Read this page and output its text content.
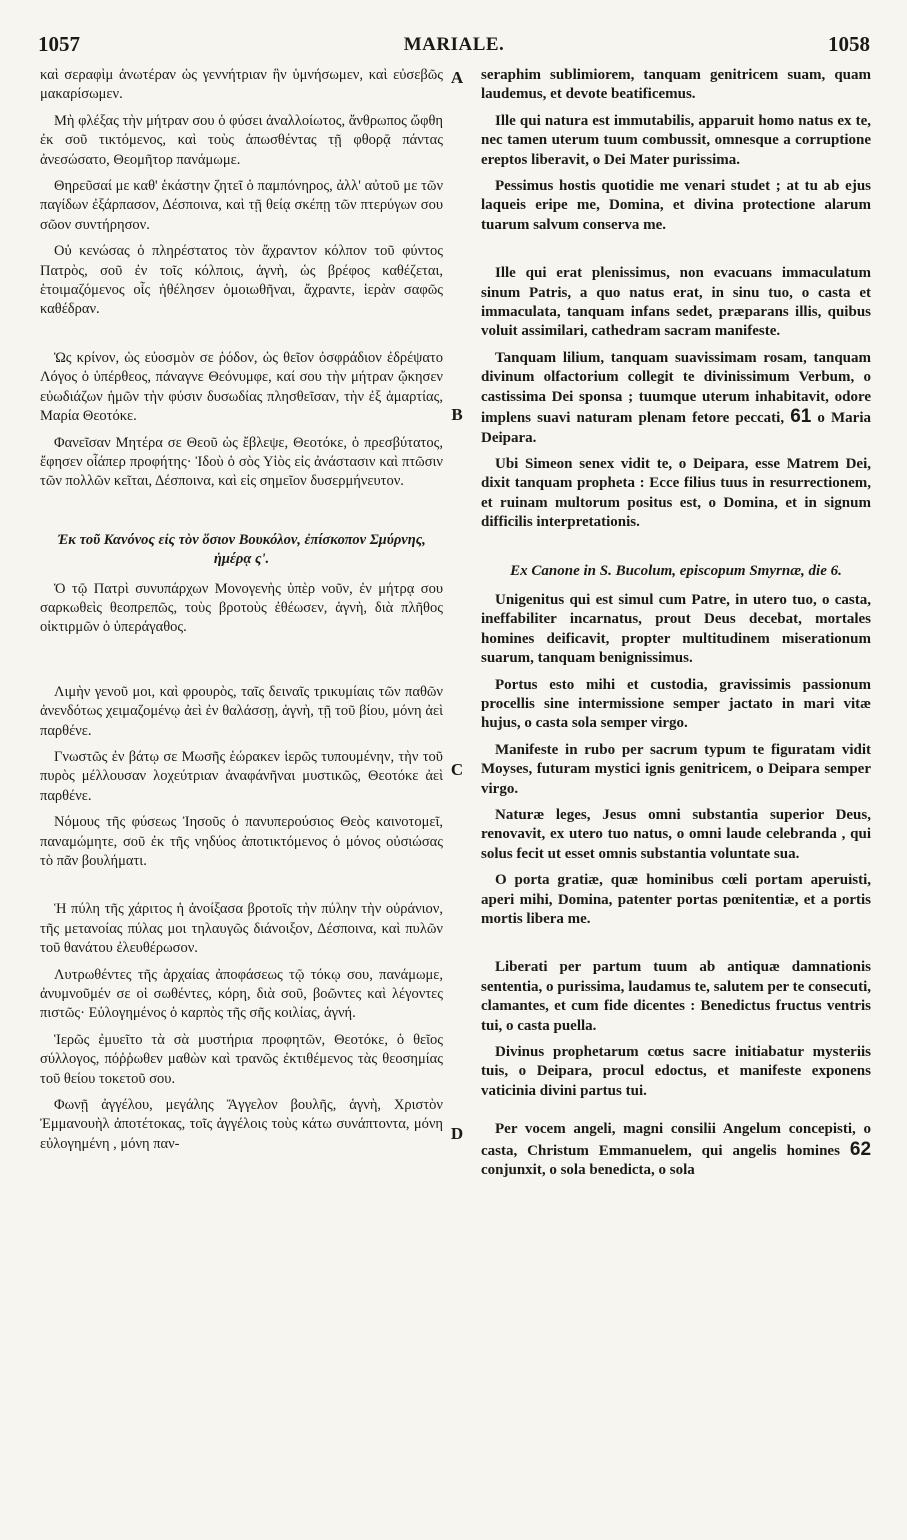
1057	MARIALE.	1058
A
B
C
D

καὶ σεραφὶμ ἀνωτέραν ὡς γεννήτριαν ἣν ὑμνήσωμεν, καὶ εὐσεβῶς μακαρίσωμεν.

Μὴ φλέξας τὴν μήτραν σου ὁ φύσει ἀναλλοίωτος, ἄνθρωπος ὤφθη ἐκ σοῦ τικτόμενος, καὶ τοὺς ἀπωσθέντας τῇ φθορᾷ πάντας ἀνεσώσατο, Θεομῆτορ πανάμωμε.

Θηρεῦσαί με καθ' ἑκάστην ζητεῖ ὁ παμπόνηρος, ἀλλ' αὐτοῦ με τῶν παγίδων ἐξάρπασον, Δέσποινα, καὶ τῇ θείᾳ σκέπῃ τῶν πτερύγων σου σῶον συντήρησον.

Οὐ κενώσας ὁ πληρέστατος τὸν ἄχραντον κόλπον τοῦ φύντος Πατρὸς, σοῦ ἐν τοῖς κόλποις, ἁγνὴ, ὡς βρέφος καθέζεται, ἑτοιμαζόμενος οἷς ἠθέλησεν ὁμοιωθῆναι, ἄχραντε, ἱερὰν σαφῶς καθέδραν.

Ὡς κρίνον, ὡς εὐοσμὸν σε ῥόδον, ὡς θεῖον ὀσφράδιον ἐδρέψατο Λόγος ὁ ὑπέρθεος, πάναγνε Θεόνυμφε, καί σου τὴν μήτραν ᾤκησεν εὐωδιάζων ἡμῶν τὴν φύσιν δυσωδίας πλησθεῖσαν, τὴν ἐξ ἁμαρτίας, Μαρία Θεοτόκε.

Φανεῖσαν Μητέρα σε Θεοῦ ὡς ἔβλεψε, Θεοτόκε, ὁ πρεσβύτατος, ἔφησεν οἷάπερ προφήτης· Ἰδοὺ ὁ σὸς Υἱὸς εἰς ἀνάστασιν καὶ πτῶσιν τῶν πολλῶν κεῖται, Δέσποινα, καὶ εἰς σημεῖον δυσερμήνευτον.

Ἐκ τοῦ Κανόνος εἰς τὸν ὅσιον Βουκόλον, ἐπίσκοπον Σμύρνης, ἡμέρᾳ ς'.

Ὁ τῷ Πατρὶ συνυπάρχων Μονογενὴς ὑπὲρ νοῦν, ἐν μήτρᾳ σου σαρκωθεὶς θεοπρεπῶς, τοὺς βροτοὺς ἐθέωσεν, ἁγνὴ, διὰ πλῆθος οἰκτιρμῶν ὁ ὑπεράγαθος.

Λιμὴν γενοῦ μοι, καὶ φρουρὸς, ταῖς δειναῖς τρικυμίαις τῶν παθῶν ἀνενδότως χειμαζομένῳ ἀεὶ ἐν θαλάσσῃ, ἁγνὴ, τῇ τοῦ βίου, μόνη ἀεὶ παρθένε.

Γνωστῶς ἐν βάτῳ σε Μωσῆς ἑώρακεν ἱερῶς τυπουμένην, τὴν τοῦ πυρὸς μέλλουσαν λοχεύτριαν ἀναφάνῆναι μυστικῶς, Θεοτόκε ἀεὶ παρθένε.

Νόμους τῆς φύσεως Ἰησοῦς ὁ πανυπερούσιος Θεὸς καινοτομεῖ, παναμώμητε, σοῦ ἐκ τῆς νηδύος ἀποτικτόμενος ὁ μόνος οὐσιώσας τὸ πᾶν βουλήματι.

Ἡ πύλη τῆς χάριτος ἡ ἀνοίξασα βροτοῖς τὴν πύλην τὴν οὐράνιον, τῆς μετανοίας πύλας μοι τηλαυγῶς διάνοιξον, Δέσποινα, καὶ πυλῶν τοῦ θανάτου ἐλευθέρωσον.

Λυτρωθέντες τῆς ἀρχαίας ἀποφάσεως τῷ τόκῳ σου, πανάμωμε, ἀνυμνοῦμέν σε οἱ σωθέντες, κόρη, διὰ σοῦ, βοῶντες καὶ λέγοντες πιστῶς· Εὐλογημένος ὁ καρπὸς τῆς σῆς κοιλίας, ἁγνή.

Ἱερῶς ἐμυεῖτο τὰ σὰ μυστήρια προφητῶν, Θεοτόκε, ὁ θεῖος σύλλογος, πόῤῥωθεν μαθὼν καὶ τρανῶς ἐκτιθέμενος τὰς θεοσημίας τοῦ θείου τοκετοῦ σου.

Φωνῇ ἀγγέλου, μεγάλης Ἄγγελον βουλῆς, ἁγνὴ, Χριστὸν Ἐμμανουὴλ ἀποτέτοκας, τοῖς ἀγγέλοις τοὺς κάτω συνάπτοντα, μόνη εὐλογημένη , μόνη παν-

seraphim sublimiorem, tanquam genitricem suam, quam laudemus, et devote beatificemus.

Ille qui natura est immutabilis, apparuit homo natus ex te, nec tamen uterum tuum combussit, omnesque a corruptione ereptos liberavit, o Dei Mater purissima.

Pessimus hostis quotidie me venari studet ; at tu ab ejus laqueis eripe me, Domina, et divina protectione alarum tuarum salvum conserva me.

Ille qui erat plenissimus, non evacuans immaculatum sinum Patris, a quo natus erat, in sinu tuo, o casta et immaculata, tanquam infans sedet, præparans illis, quibus voluit assimilari, cathedram sacram manifeste.

Tanquam lilium, tanquam suavissimam rosam, tanquam divinum olfactorium collegit te divinissimum Verbum, o castissima Dei sponsa ; tuumque uterum inhabitavit, odore implens suavi naturam plenam fetore peccati, 61 o Maria Deipara.

Ubi Simeon senex vidit te, o Deipara, esse Matrem Dei, dixit tanquam propheta : Ecce filius tuus in resurrectionem, et ruinam multorum positus est, o Domina, et in signum difficilis interpretationis.

Ex Canone in S. Bucolum, episcopum Smyrnæ, die 6.

Unigenitus qui est simul cum Patre, in utero tuo, o casta, ineffabiliter incarnatus, prout Deus decebat, mortales homines deificavit, propter multitudinem miserationum suarum, tanquam benignissimus.

Portus esto mihi et custodia, gravissimis passionum procellis sine intermissione semper jactato in mari vitæ hujus, o casta sola semper virgo.

Manifeste in rubo per sacrum typum te figuratam vidit Moyses, futuram mystici ignis genitricem, o Deipara semper virgo.

Naturæ leges, Jesus omni substantia superior Deus, renovavit, ex utero tuo natus, o omni laude celebranda , qui solus fecit ut esset omnis substantia voluntate sua.

O porta gratiæ, quæ hominibus cœli portam aperuisti, aperi mihi, Domina, patenter portas pœnitentiæ, et a portis mortis libera me.

Liberati per partum tuum ab antiquæ damnationis sententia, o purissima, laudamus te, salutem per te consecuti, clamantes, et cum fide dicentes : Benedictus fructus ventris tui, o casta puella.

Divinus prophetarum cœtus sacre initiabatur mysteriis tuis, o Deipara, procul edoctus, et manifeste exponens vaticinia divini partus tui.

Per vocem angeli, magni consilii Angelum concepisti, o casta, Christum Emmanuelem, qui angelis homines 62 conjunxit, o sola benedicta, o sola
